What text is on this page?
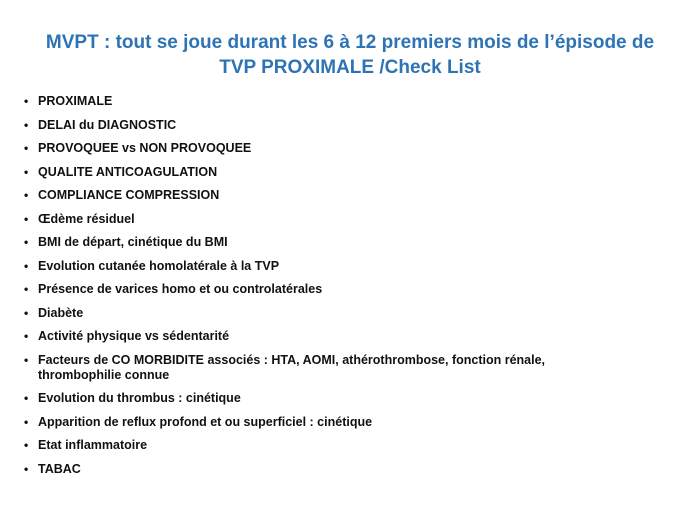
MVPT : tout se joue durant les 6 à 12 premiers mois de l’épisode de
TVP PROXIMALE /Check List
• PROXIMALE
• DELAI du DIAGNOSTIC
• PROVOQUEE vs NON PROVOQUEE
• QUALITE ANTICOAGULATION
• COMPLIANCE COMPRESSION
• Œdème résiduel
• BMI de départ, cinétique du BMI
• Evolution cutanée homolatérale à la TVP
• Présence de varices homo et ou controlatérales
• Diabète
• Activité physique vs sédentarité
• Facteurs de CO MORBIDITE associés : HTA, AOMI, athérothrombose, fonction rénale,
thrombophilie connue
• Evolution du thrombus : cinétique
• Apparition de reflux profond et ou superficiel : cinétique
• Etat inflammatoire
• TABAC
